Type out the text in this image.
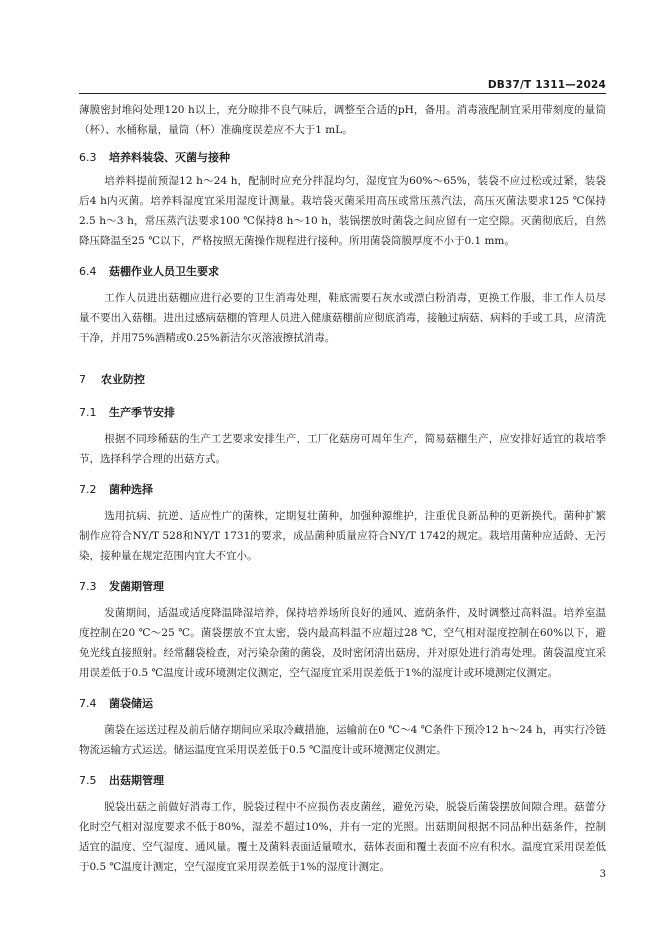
DB37/T 1311—2024

薄膜密封堆闷处理120 h以上，充分晾排不良气味后，调整至合适的pH，备用。消毒液配制宜采用带刻度的量筒（杯）、水桶称量，量筒（杯）准确度误差应不大于1 mL。

6.3 培养料装袋、灭菌与接种

培养料提前预湿12 h～24 h，配制时应充分拌混均匀，湿度宜为60%～65%，装袋不应过松或过紧，装袋后4 h内灭菌。培养料湿度宜采用湿度计测量。栽培袋灭菌采用高压或常压蒸汽法，高压灭菌法要求125 ℃保持2.5 h～3 h，常压蒸汽法要求100 ℃保持8 h～10 h，装锅摆放时菌袋之间应留有一定空隙。灭菌彻底后，自然降压降温至25 ℃以下，严格按照无菌操作规程进行接种。所用菌袋筒膜厚度不小于0.1 mm。

6.4 菇棚作业人员卫生要求

工作人员进出菇棚应进行必要的卫生消毒处理，鞋底需要石灰水或漂白粉消毒，更换工作服，非工作人员尽量不要出入菇棚。进出过感病菇棚的管理人员进入健康菇棚前应彻底消毒，接触过病菇、病料的手或工具，应清洗干净，并用75%酒精或0.25%新洁尔灭溶液擦拭消毒。

7 农业防控
7.1 生产季节安排

根据不同珍稀菇的生产工艺要求安排生产，工厂化菇房可周年生产，简易菇棚生产，应安排好适宜的栽培季节，选择科学合理的出菇方式。

7.2 菌种选择

选用抗病、抗逆、适应性广的菌株，定期复壮菌种，加强种源维护，注重优良新品种的更新换代。菌种扩繁制作应符合NY/T 528和NY/T 1731的要求，成品菌种质量应符合NY/T 1742的规定。栽培用菌种应适龄、无污染，接种量在规定范围内宜大不宜小。

7.3 发菌期管理

发菌期间，适温或适度降温降湿培养，保持培养场所良好的通风、遮荫条件，及时调整过高料温。培养室温度控制在20 ℃～25 ℃。菌袋摆放不宜太密，袋内最高料温不应超过28 ℃，空气相对湿度控制在60%以下，避免光线直接照射。经常翻袋检查，对污染杂菌的菌袋，及时密闭清出菇房，并对原处进行消毒处理。菌袋温度宜采用误差低于0.5 ℃温度计或环境测定仪测定，空气湿度宜采用误差低于1%的湿度计或环境测定仪测定。

7.4 菌袋储运

菌袋在运送过程及前后储存期间应采取冷藏措施，运输前在0 ℃～4 ℃条件下预冷12 h～24 h，再实行冷链物流运输方式运送。储运温度宜采用误差低于0.5 ℃温度计或环境测定仪测定。

7.5 出菇期管理

脱袋出菇之前做好消毒工作，脱袋过程中不应损伤表皮菌丝，避免污染，脱袋后菌袋摆放间隙合理。菇蕾分化时空气相对湿度要求不低于80%，湿差不超过10%，并有一定的光照。出菇期间根据不同品种出菇条件，控制适宜的温度、空气湿度、通风量。覆土及菌料表面适量喷水，菇体表面和覆土表面不应有积水。温度宜采用误差低于0.5 ℃温度计测定，空气湿度宜采用误差低于1%的湿度计测定。

3
